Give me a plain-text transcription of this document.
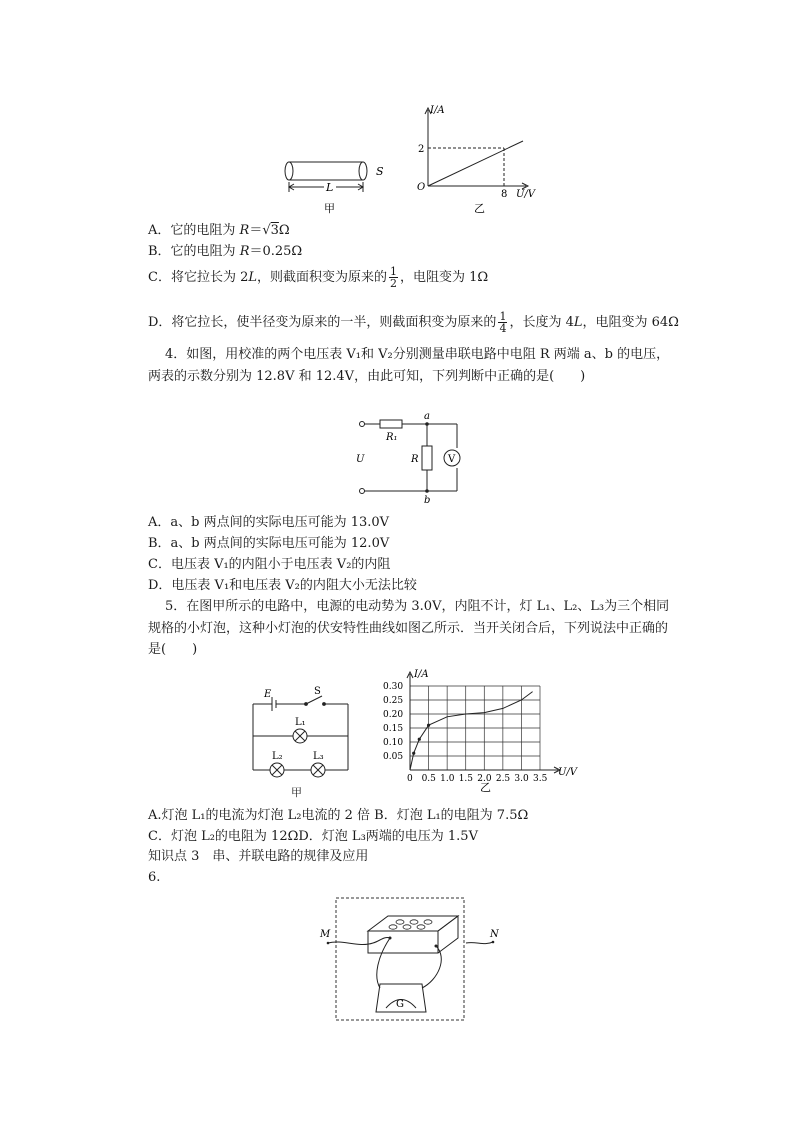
S
L
甲
I/A
U/V
O
2
8
乙
A．它的电阻为 R＝√3Ω
B．它的电阻为 R＝0.25Ω
C．将它拉长为 2L，则截面积变为原来的 $\frac{1}{2}$ ，电阻变为 1Ω
D．将它拉长，使半径变为原来的一半，则截面积变为原来的 $\frac{1}{4}$ ，长度为 4L，电阻变为 64Ω
4．如图，用校准的两个电压表 V₁和 V₂分别测量串联电路中电阻 R 两端 a、b 的电压，
两表的示数分别为 12.8V 和 12.4V，由此可知，下列判断中正确的是(　　)
R₁
R
U
a
b
V
A．a、b 两点间的实际电压可能为 13.0V
B．a、b 两点间的实际电压可能为 12.0V
C．电压表 V₁的内阻小于电压表 V₂的内阻
D．电压表 V₁和电压表 V₂的内阻大小无法比较
5．在图甲所示的电路中，电源的电动势为 3.0V，内阻不计，灯 L₁、L₂、L₃为三个相同
规格的小灯泡，这种小灯泡的伏安特性曲线如图乙所示．当开关闭合后，下列说法中正确的
是(　　)
E	S
L₁
L₂	L₃
甲
0.30
0.25
0.20
0.15
0.10
0.05
0 0.5 1.0 1.5 2.0 2.5 3.0 3.5
I/A
U/V
乙
A.灯泡 L₁的电流为灯泡 L₂电流的 2 倍 B．灯泡 L₁的电阻为 7.5Ω
C．灯泡 L₂的电阻为 12ΩD．灯泡 L₃两端的电压为 1.5V
知识点 3　串、并联电路的规律及应用
6.
M	N
G
